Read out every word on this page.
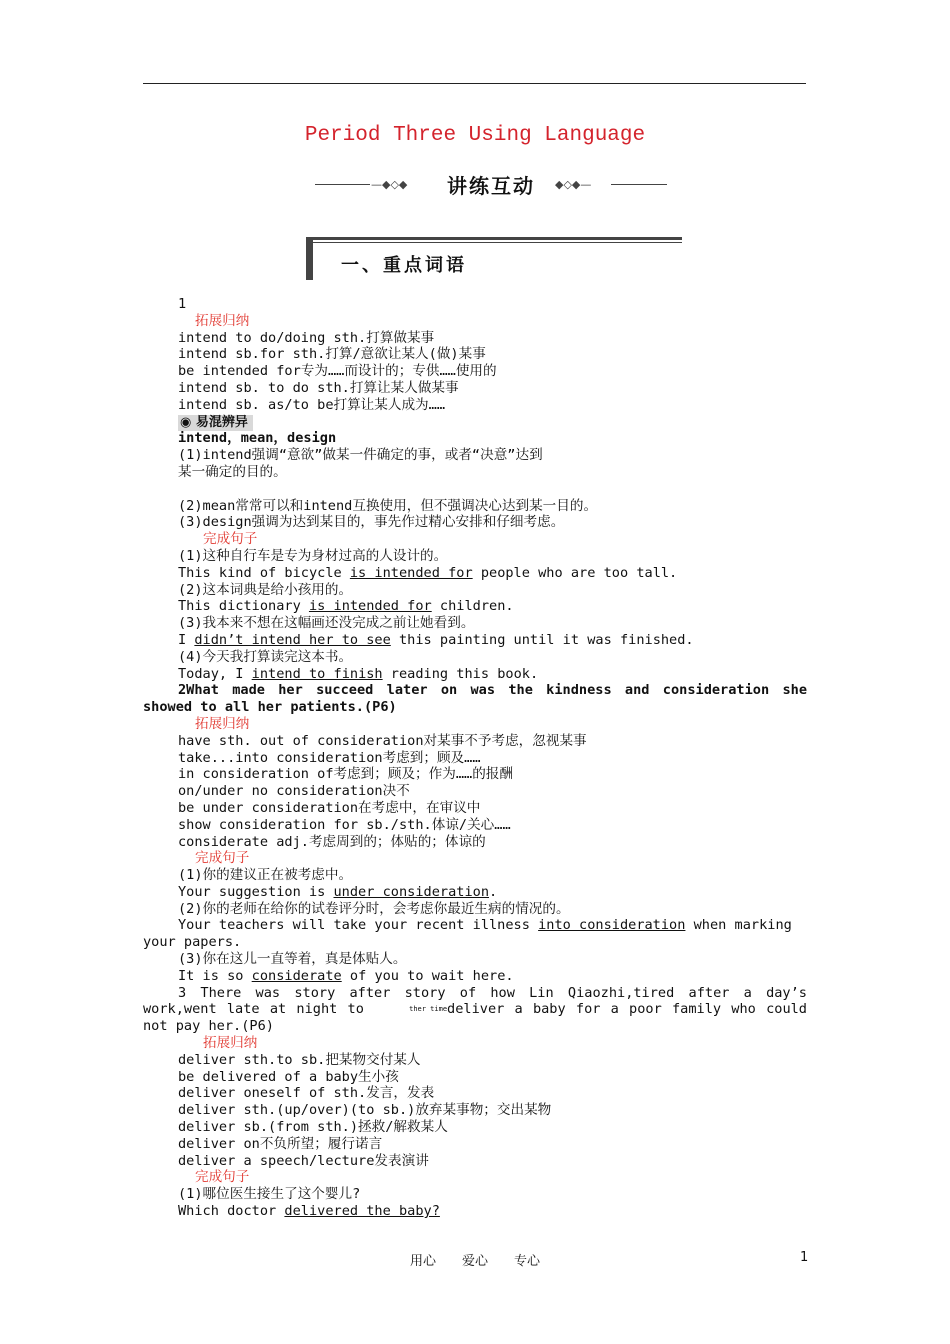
Period Three Using Language
—◆◇◆	讲练互动	◆◇◆—
一、重点词语
1
拓展归纳
intend to do/doing sth.打算做某事
intend sb.for sth.打算/意欲让某人(做)某事
be intended for专为……而设计的；专供……使用的
intend sb. to do sth.打算让某人做某事
intend sb. as/to be打算让某人成为……
◉ 易混辨异
intend，mean，design
(1)intend强调“意欲”做某一件确定的事，或者“决意”达到
某一确定的目的。
(2)mean常常可以和intend互换使用，但不强调决心达到某一目的。
(3)design强调为达到某目的，事先作过精心安排和仔细考虑。
完成句子
(1)这种自行车是专为身材过高的人设计的。
This kind of bicycle is intended for people who are too tall.
(2)这本词典是给小孩用的。
This dictionary is intended for children.
(3)我本来不想在这幅画还没完成之前让她看到。
I didn’t intend her to see this painting until it was finished.
(4)今天我打算读完这本书。
Today, I intend to finish reading this book.
2What made her succeed later on was the kindness and consideration she showed to all her patients.(P6)
拓展归纳
have sth. out of consideration对某事不予考虑，忽视某事
take...into consideration考虑到；顾及……
in consideration of考虑到；顾及；作为……的报酬
on/under no consideration决不
be under consideration在考虑中，在审议中
show consideration for sb./sth.体谅/关心……
considerate adj.考虑周到的；体贴的；体谅的
完成句子
(1)你的建议正在被考虑中。
Your suggestion is under consideration.
(2)你的老师在给你的试卷评分时，会考虑你最近生病的情况的。
Your teachers will take your recent illness into consideration when marking your papers.
(3)你在这儿一直等着，真是体贴人。
It is so considerate of you to wait here.
3 There was story after story of how Lin Qiaozhi,tired after a day’s work,went late at night to	ther timedeliver a baby for a poor family who could not pay her.(P6)
拓展归纳
deliver sth.to sb.把某物交付某人
be delivered of a baby生小孩
deliver oneself of sth.发言，发表
deliver sth.(up/over)(to sb.)放弃某事物；交出某物
deliver sb.(from sth.)拯救/解救某人
deliver on不负所望；履行诺言
deliver a speech/lecture发表演讲
完成句子
(1)哪位医生接生了这个婴儿?
Which doctor delivered the baby?
用心　　爱心　　专心	1
